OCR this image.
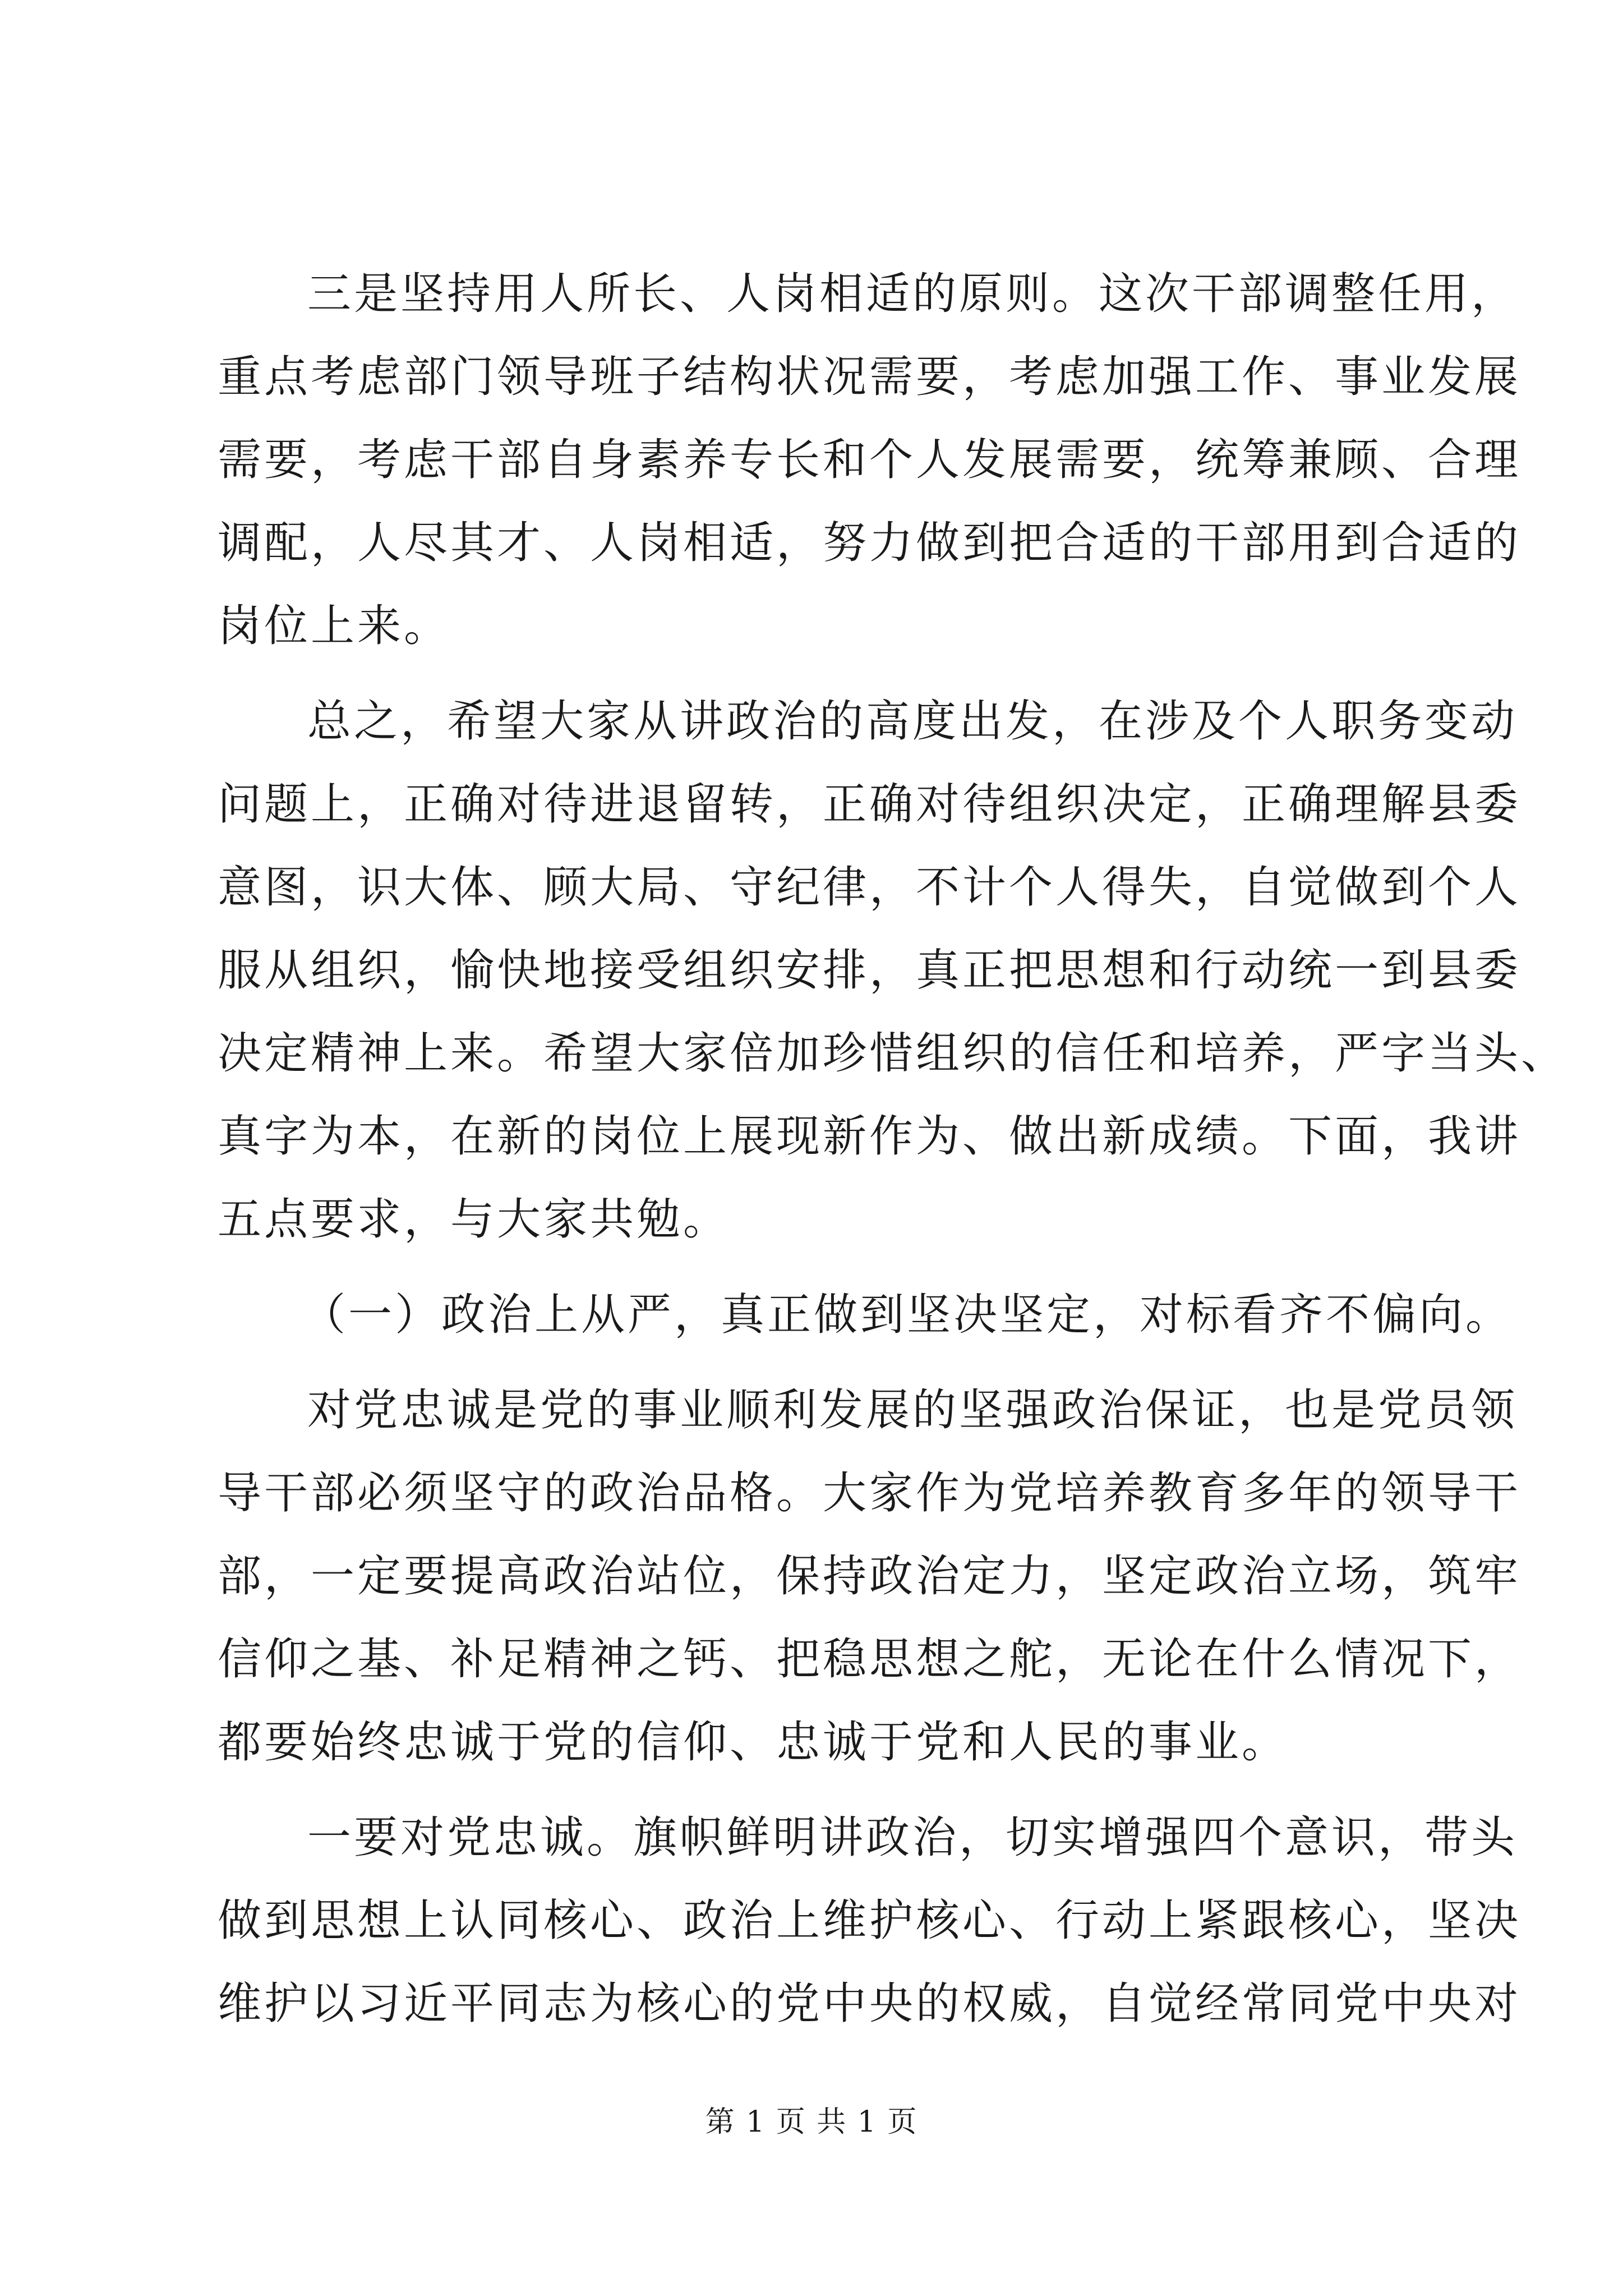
三是坚持用人所长、人岗相适的原则。这次干部调整任用，
重点考虑部门领导班子结构状况需要，考虑加强工作、事业发展
需要，考虑干部自身素养专长和个人发展需要，统筹兼顾、合理
调配，人尽其才、人岗相适，努力做到把合适的干部用到合适的
岗位上来。
总之，希望大家从讲政治的高度出发，在涉及个人职务变动
问题上，正确对待进退留转，正确对待组织决定，正确理解县委
意图，识大体、顾大局、守纪律，不计个人得失，自觉做到个人
服从组织，愉快地接受组织安排，真正把思想和行动统一到县委
决定精神上来。希望大家倍加珍惜组织的信任和培养，严字当头、
真字为本，在新的岗位上展现新作为、做出新成绩。下面，我讲
五点要求，与大家共勉。
（一）政治上从严，真正做到坚决坚定，对标看齐不偏向。
对党忠诚是党的事业顺利发展的坚强政治保证，也是党员领
导干部必须坚守的政治品格。大家作为党培养教育多年的领导干
部，一定要提高政治站位，保持政治定力，坚定政治立场，筑牢
信仰之基、补足精神之钙、把稳思想之舵，无论在什么情况下，
都要始终忠诚于党的信仰、忠诚于党和人民的事业。
一要对党忠诚。旗帜鲜明讲政治，切实增强四个意识，带头
做到思想上认同核心、政治上维护核心、行动上紧跟核心，坚决
维护以习近平同志为核心的党中央的权威，自觉经常同党中央对
第 1 页 共 1 页
